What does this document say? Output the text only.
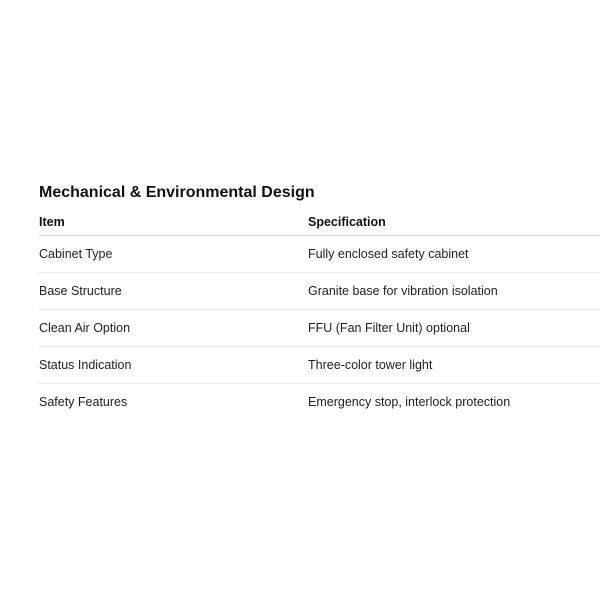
Mechanical & Environmental Design
Item	Specification
Cabinet Type	Fully enclosed safety cabinet
Base Structure	Granite base for vibration isolation
Clean Air Option	FFU (Fan Filter Unit) optional
Status Indication	Three-color tower light
Safety Features	Emergency stop, interlock protection
